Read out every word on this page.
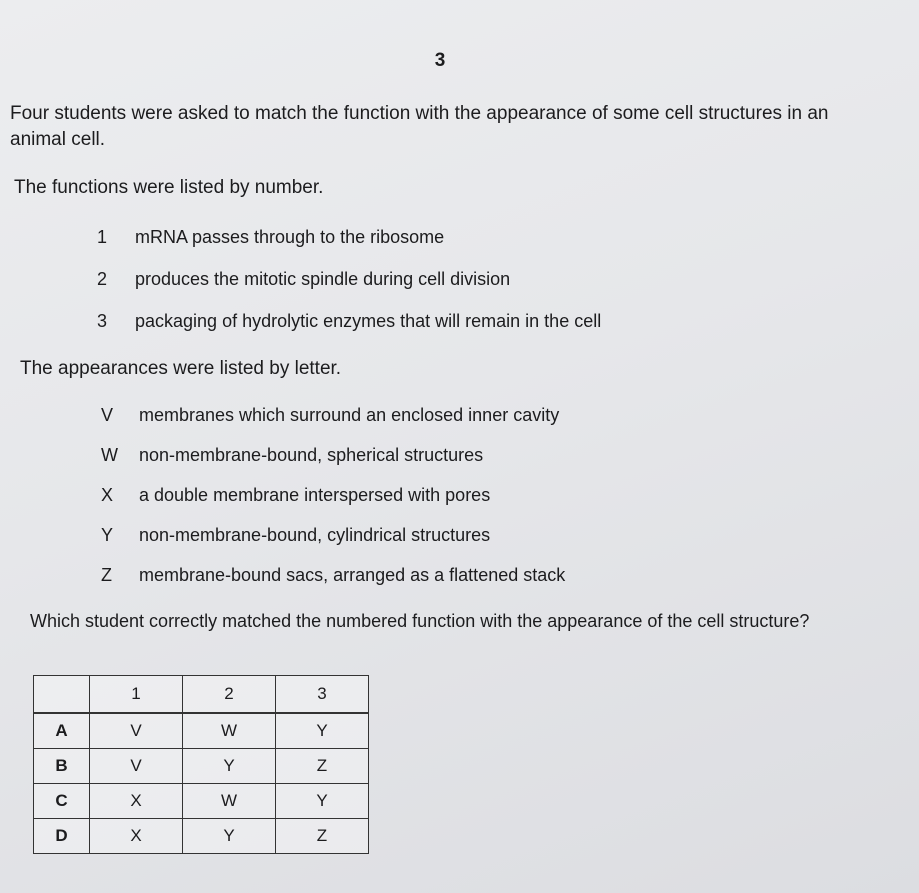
3
Four students were asked to match the function with the appearance of some cell structures in an
animal cell.
The functions were listed by number.
1 mRNA passes through to the ribosome
2 produces the mitotic spindle during cell division
3 packaging of hydrolytic enzymes that will remain in the cell
The appearances were listed by letter.
V membranes which surround an enclosed inner cavity
W non-membrane-bound, spherical structures
X a double membrane interspersed with pores
Y non-membrane-bound, cylindrical structures
Z membrane-bound sacs, arranged as a flattened stack
Which student correctly matched the numbered function with the appearance of the cell structure?
	1	2	3
A	V	W	Y
B	V	Y	Z
C	X	W	Y
D	X	Y	Z
